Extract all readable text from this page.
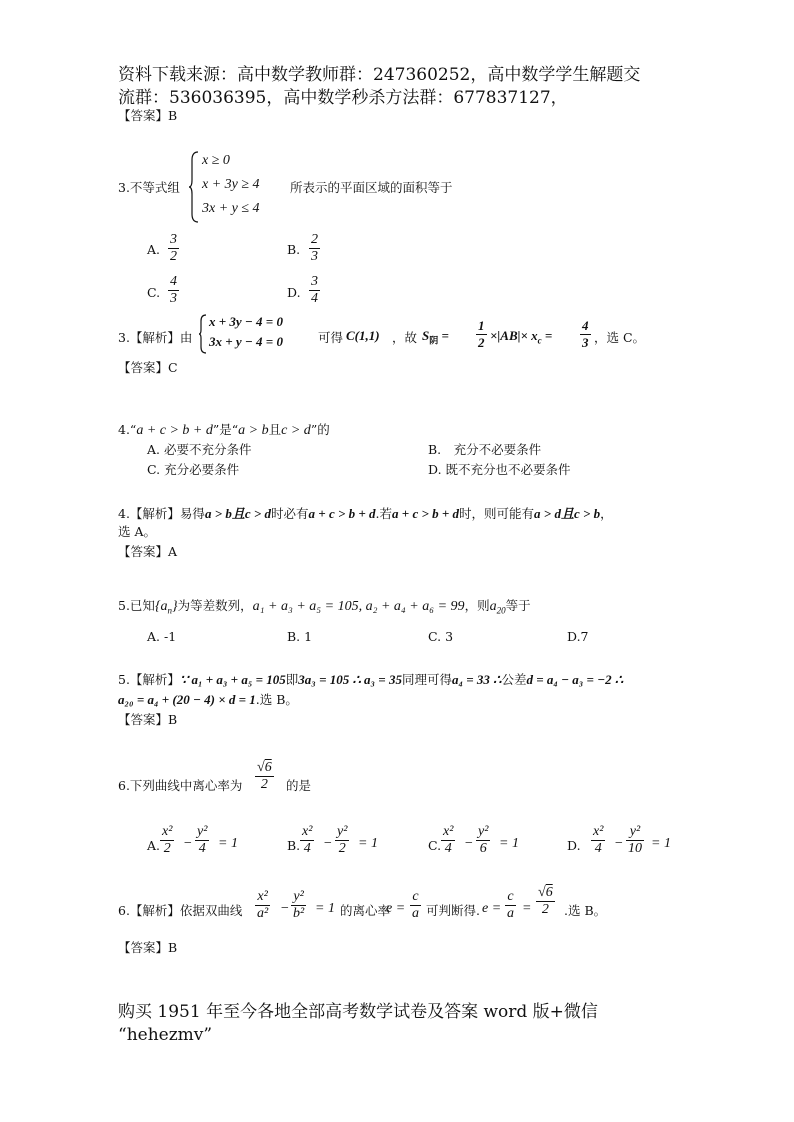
资料下载来源：高中数学教师群：247360252，高中数学学生解题交
流群：536036395，高中数学秒杀方法群：677837127，
【答案】B
3.不等式组
x ≥ 0
x + 3y ≥ 4
3x + y ≤ 4
所表示的平面区域的面积等于
A. $\frac{3}{2}$	B. $\frac{2}{3}$
C. $\frac{4}{3}$	D. $\frac{3}{4}$
3.【解析】由
x + 3y − 4 = 0
3x + y − 4 = 0	可得 C(1,1) ，故 $S_阴 = \frac{1}{2} \times|AB|\times x_c = \frac{4}{3}$ ，选 C。
【答案】C
4.“a + c > b + d”是“a > b且c > d”的
A. 必要不充分条件	B.　充分不必要条件
C. 充分必要条件	D. 既不充分也不必要条件
4.【解析】易得a > b且c > d时必有a + c > b + d.若a + c > b + d时，则可能有a > d且c > b，
选 A。
【答案】A
5.已知$\{a_n\}$为等差数列，a₁ + a₃ + a₅ = 105, a₂ + a₄ + a₆ = 99，则$a_{20}$等于
A. -1	B. 1	C. 3	D.7
5.【解析】∵ a₁ + a₃ + a₅ = 105即3a₃ = 105 ∴ a₃ = 35同理可得a₄ = 33 ∴公差d = a₄ − a₃ = −2 ∴
a₂₀ = a₄ + (20 − 4) × d = 1.选 B。
【答案】B
6.下列曲线中离心率为 $\frac{√6}{2}$ 的是
A. $\frac{\text{x²}}{2} - \frac{\text{y²}}{4} = 1$	B. $\frac{\text{x²}}{4} - \frac{\text{y²}}{2} = 1$	C. $\frac{\text{x²}}{4} - \frac{\text{y²}}{6} = 1$	D. $\frac{\text{x²}}{4} - \frac{\text{y²}}{10} = 1$
6.【解析】依据双曲线 $\frac{\text{x²}}{\text{a²}} - \frac{\text{y²}}{\text{b²}} = 1$ 的离心率
$e = \frac{c}{a}$ 可判断得. $e = \frac{c}{a} = \frac{√6}{2}$ .选 B。
【答案】B
购买 1951 年至今各地全部高考数学试卷及答案 word 版+微信
“hehezmv”
